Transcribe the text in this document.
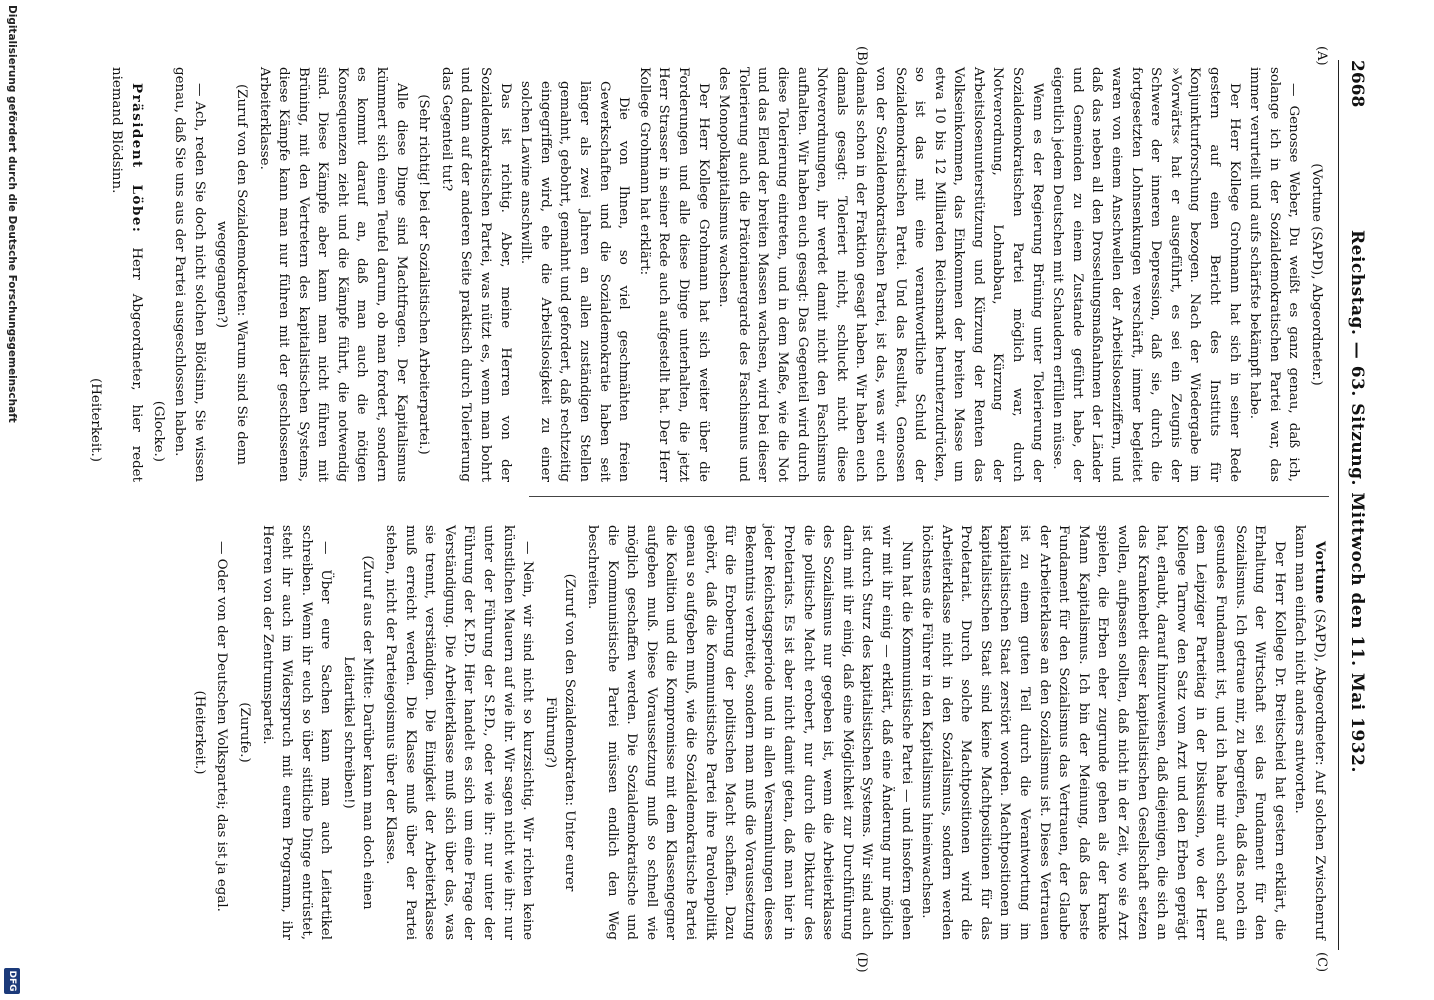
2668
Reichstag. — 63. Sitzung. Mittwoch den 11. Mai 1932.
(A)
(B)
(C)
(D)

(Vortune (SAPD), Abgeordneter.)

— Genosse Weber, Du weißt es ganz genau, daß ich, solange ich in der Sozialdemokratischen Partei war, das immer verurteilt und aufs schärfste bekämpft habe.

Der Herr Kollege Grohmann hat sich in seiner Rede gestern auf einen Bericht des Instituts für Konjunkturforschung bezogen. Nach der Wiedergabe im »Vorwärts« hat er ausgeführt, es sei ein Zeugnis der Schwere der inneren Depression, daß sie, durch die fortgesetzten Lohnsenkungen verschärft, immer begleitet waren von einem Anschwellen der Arbeitslosenziffern, und daß das neben all den Drosselungsmaßnahmen der Länder und Gemeinden zu einem Zustande geführt habe, der eigentlich jedem Deutschen mit Schaudern erfüllen müsse.

Wenn es der Regierung Brüning unter Tolerierung der Sozialdemokratischen Partei möglich war, durch Notverordnung, Lohnabbau, Kürzung der Arbeitslosenunterstützung und Kürzung der Renten das Volkseinkommen, das Einkommen der breiten Masse um etwa 10 bis 12 Milliarden Reichsmark herunterzudrücken, so ist das mit eine verantwortliche Schuld der Sozialdemokratischen Partei. Und das Resultat, Genossen von der Sozialdemokratischen Partei, ist das, was wir euch damals schon in der Fraktion gesagt haben. Wir haben euch damals gesagt: Toleriert nicht, schluckt nicht diese Notverordnungen, ihr werdet damit nicht den Faschismus aufhalten. Wir haben euch gesagt: Das Gegenteil wird durch diese Tolerierung eintreten, und in dem Maße, wie die Not und das Elend der breiten Massen wachsen, wird bei dieser Tolerierung auch die Prätorianergarde des Faschismus und des Monopolkapitalismus wachsen.

Der Herr Kollege Grohmann hat sich weiter über die Forderungen und alle diese Dinge unterhalten, die jetzt Herr Strasser in seiner Rede auch aufgestellt hat. Der Herr Kollege Grohmann hat erklärt:

Die von Ihnen, so viel geschmähten freien Gewerkschaften und die Sozialdemokratie haben seit länger als zwei Jahren an allen zuständigen Stellen gemahnt, gebohrt, gemahnt und gefordert, daß rechtzeitig eingegriffen wird, ehe die Arbeitslosigkeit zu einer solchen Lawine anschwillt.

Das ist richtig. Aber, meine Herren von der Sozialdemokratischen Partei, was nützt es, wenn man bohrt und dann auf der anderen Seite praktisch durch Tolerierung das Gegenteil tut?

(Sehr richtig! bei der Sozialistischen Arbeiterpartei.)

Alle diese Dinge sind Machtfragen. Der Kapitalismus kümmert sich einen Teufel darum, ob man fordert, sondern es kommt darauf an, daß man auch die nötigen Konsequenzen zieht und die Kämpfe führt, die notwendig sind. Diese Kämpfe aber kann man nicht führen mit Brüning, mit den Vertretern des kapitalistischen Systems, diese Kämpfe kann man nur führen mit der geschlossenen Arbeiterklasse.

(Zuruf von den Sozialdemokraten: Warum sind Sie denn weggegangen?)

— Ach, reden Sie doch nicht solchen Blödsinn, Sie wissen genau, daß Sie uns aus der Partei ausgeschlossen haben.

(Glocke.)

Präsident Löbe: Herr Abgeordneter, hier redet niemand Blödsinn.

(Heiterkeit.)

Vortune (SAPD), Abgeordneter: Auf solchen Zwischenruf kann man einfach nicht anders antworten.

Der Herr Kollege Dr. Breitscheid hat gestern erklärt, die Erhaltung der Wirtschaft sei das Fundament für den Sozialismus. Ich getraue mir, zu begreifen, daß das noch ein gesundes Fundament ist, und ich habe mir auch schon auf dem Leipziger Parteitag in der Diskussion, wo der Herr Kollege Tarnow den Satz vom Arzt und den Erben geprägt hat, erlaubt, darauf hinzuweisen, daß diejenigen, die sich an das Krankenbett dieser kapitalistischen Gesellschaft setzen wollen, aufpassen sollten, daß nicht in der Zeit, wo sie Arzt spielen, die Erben eher zugrunde gehen als der kranke Mann Kapitalismus. Ich bin der Meinung, daß das beste Fundament für den Sozialismus das Vertrauen, der Glaube der Arbeiterklasse an den Sozialismus ist. Dieses Vertrauen ist zu einem guten Teil durch die Verantwortung im kapitalistischen Staat zerstört worden. Machtpositionen im kapitalistischen Staat sind keine Machtpositionen für das Proletariat. Durch solche Machtpositionen wird die Arbeiterklasse nicht in den Sozialismus, sondern werden höchstens die Führer in den Kapitalismus hineinwachsen.

Nun hat die Kommunistische Partei — und insofern gehen wir mit ihr einig — erklärt, daß eine Änderung nur möglich ist durch Sturz des kapitalistischen Systems. Wir sind auch darin mit ihr einig, daß eine Möglichkeit zur Durchführung des Sozialismus nur gegeben ist, wenn die Arbeiterklasse die politische Macht erobert, nur durch die Diktatur des Proletariats. Es ist aber nicht damit getan, daß man hier in jeder Reichstagsperiode und in allen Versammlungen dieses Bekenntnis verbreitet, sondern man muß die Voraussetzung für die Eroberung der politischen Macht schaffen. Dazu gehört, daß die Kommunistische Partei ihre Parolenpolitik genau so aufgeben muß, wie die Sozialdemokratische Partei die Koalition und die Kompromisse mit dem Klassengegner aufgeben muß. Diese Voraussetzung muß so schnell wie möglich geschaffen werden. Die Sozialdemokratische und die Kommunistische Partei müssen endlich den Weg beschreiten.

(Zuruf von den Sozialdemokraten: Unter eurer Führung?)

— Nein, wir sind nicht so kurzsichtig. Wir richten keine künstlichen Mauern auf wie ihr. Wir sagen nicht wie ihr: nur unter der Führung der S.P.D., oder wie ihr: nur unter der Führung der K.P.D. Hier handelt es sich um eine Frage der Verständigung. Die Arbeiterklasse muß sich über das, was sie trennt, verständigen. Die Einigkeit der Arbeiterklasse muß erreicht werden. Die Klasse muß über der Partei stehen, nicht der Parteiegoismus über der Klasse.

(Zuruf aus der Mitte: Darüber kann man doch einen Leitartikel schreiben!)

— Über eure Sachen kann man auch Leitartikel schreiben. Wenn ihr euch so über sittliche Dinge entrüstet, steht ihr auch im Widerspruch mit eurem Programm, ihr Herren von der Zentrumspartei.

(Zurufe.)

— Oder von der Deutschen Volkspartei; das ist ja egal.

(Heiterkeit.)

Digitalisierung gefördert durch die Deutsche Forschungsgemeinschaft
DFG
